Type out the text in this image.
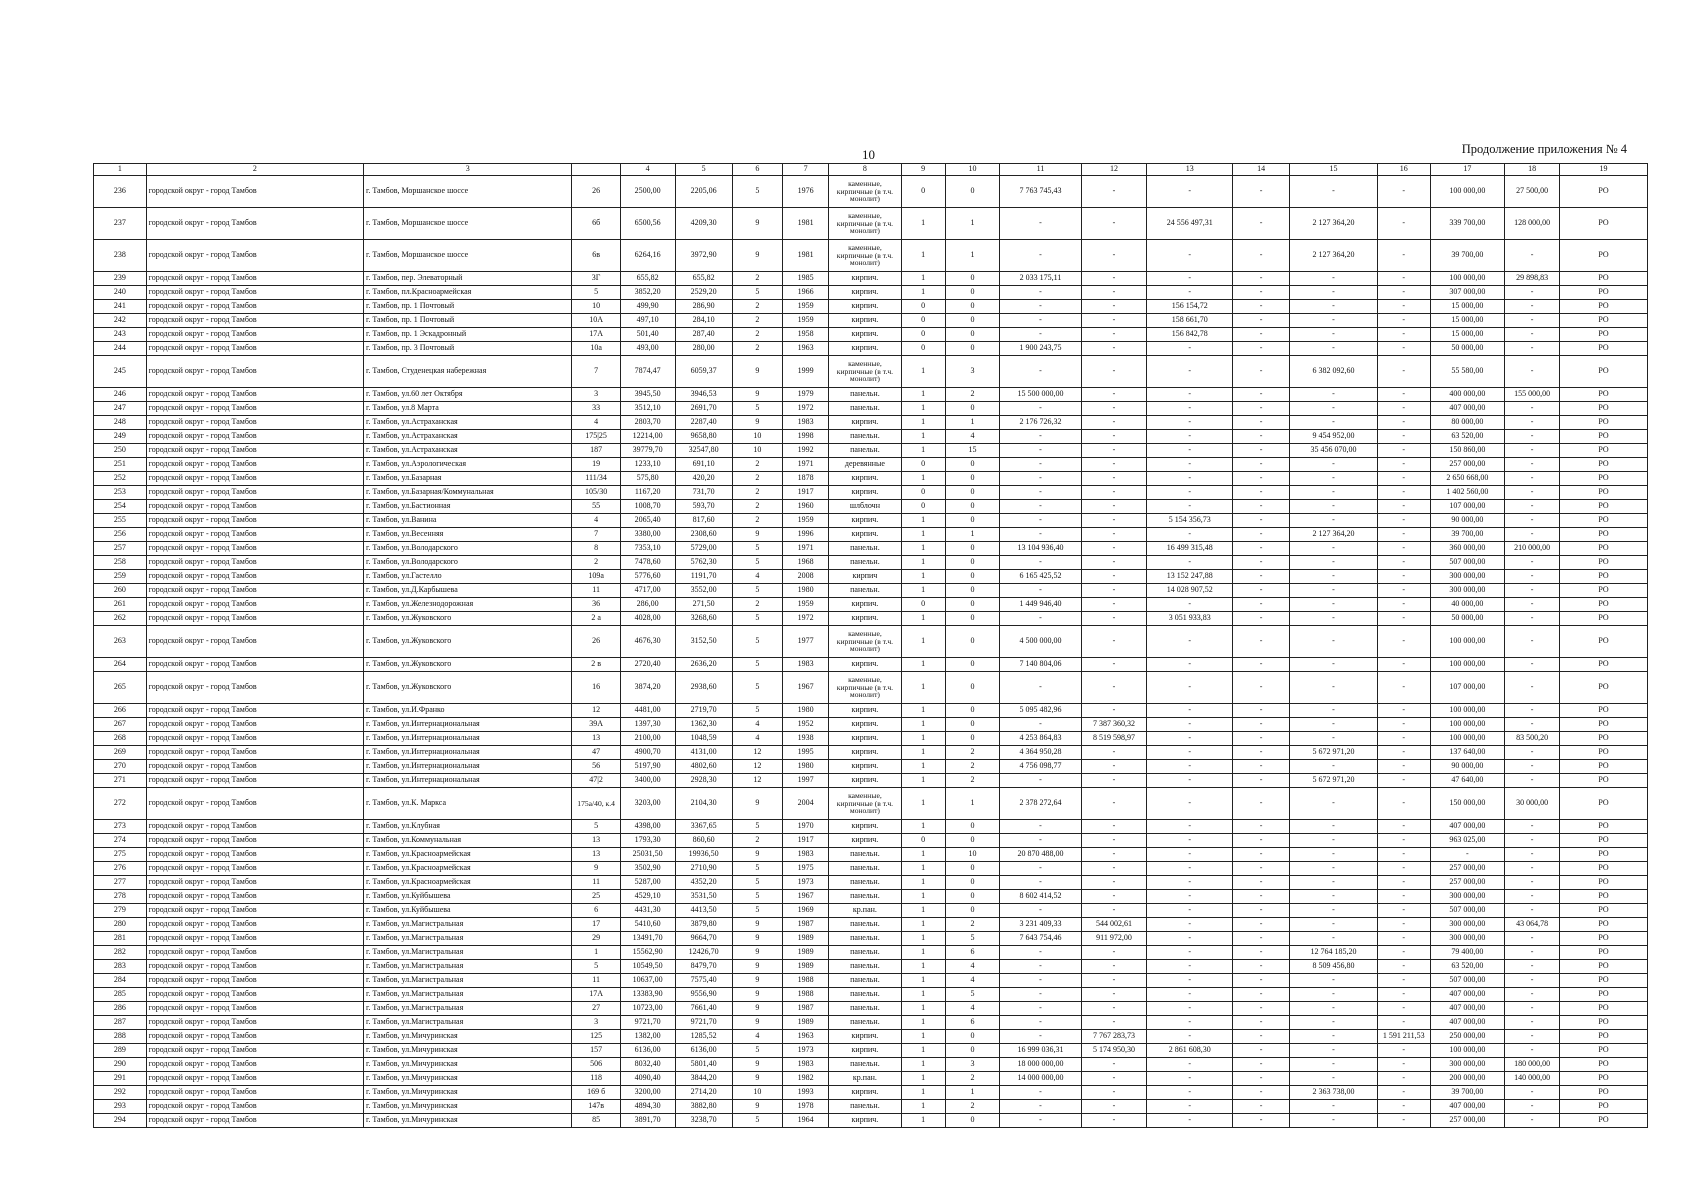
10	Продолжение приложения № 4
1	2	3		4	5	6	7	8	9	10	11	12	13	14	15	16	17	18	19
236	городской округ - город Тамбов	г. Тамбов, Моршанское шоссе	26	2500,00	2205,06	5	1976	каменные, кирпичные (в т.ч. монолит)	0	0	7 763 745,43	-	-	-	-	-	100 000,00	27 500,00	РО
237	городской округ - город Тамбов	г. Тамбов, Моршанское шоссе	6б	6500,56	4209,30	9	1981	каменные, кирпичные (в т.ч. монолит)	1	1	-	-	24 556 497,31	-	2 127 364,20	-	339 700,00	128 000,00	РО
238	городской округ - город Тамбов	г. Тамбов, Моршанское шоссе	6в	6264,16	3972,90	9	1981	каменные, кирпичные (в т.ч. монолит)	1	1	-	-	-	-	2 127 364,20	-	39 700,00	-	РО
239	городской округ - город Тамбов	г. Тамбов, пер. Элеваторный	3Г	655,82	655,82	2	1985	кирпич.	1	0	2 033 175,11	-	-	-	-	-	100 000,00	29 898,83	РО
240	городской округ - город Тамбов	г. Тамбов, пл.Красноармейская	5	3852,20	2529,20	5	1966	кирпич.	1	0	-	-	-	-	-	-	307 000,00	-	РО
241	городской округ - город Тамбов	г. Тамбов, пр. 1 Почтовый	10	499,90	286,90	2	1959	кирпич.	0	0	-	-	156 154,72	-	-	-	15 000,00	-	РО
242	городской округ - город Тамбов	г. Тамбов, пр. 1 Почтовый	10А	497,10	284,10	2	1959	кирпич.	0	0	-	-	158 661,70	-	-	-	15 000,00	-	РО
243	городской округ - город Тамбов	г. Тамбов, пр. 1 Эскадронный	17А	501,40	287,40	2	1958	кирпич.	0	0	-	-	156 842,78	-	-	-	15 000,00	-	РО
244	городской округ - город Тамбов	г. Тамбов, пр. 3 Почтовый	10а	493,00	280,00	2	1963	кирпич.	0	0	1 900 243,75	-	-	-	-	-	50 000,00	-	РО
245	городской округ - город Тамбов	г. Тамбов, Студенецкая набережная	7	7874,47	6059,37	9	1999	каменные, кирпичные (в т.ч. монолит)	1	3	-	-	-	-	6 382 092,60	-	55 580,00	-	РО
246	городской округ - город Тамбов	г. Тамбов, ул.60 лет Октября	3	3945,50	3946,53	9	1979	панельн.	1	2	15 500 000,00	-	-	-	-	-	400 000,00	155 000,00	РО
247	городской округ - город Тамбов	г. Тамбов, ул.8 Марта	33	3512,10	2691,70	5	1972	панельн.	1	0	-	-	-	-	-	-	407 000,00	-	РО
248	городской округ - город Тамбов	г. Тамбов, ул.Астраханская	4	2803,70	2287,40	9	1983	кирпич.	1	1	2 176 726,32	-	-	-	-	-	80 000,00	-	РО
249	городской округ - город Тамбов	г. Тамбов, ул.Астраханская	175|25	12214,00	9658,80	10	1998	панельн.	1	4	-	-	-	-	9 454 952,00	-	63 520,00	-	РО
250	городской округ - город Тамбов	г. Тамбов, ул.Астраханская	187	39779,70	32547,80	10	1992	панельн.	1	15	-	-	-	-	35 456 070,00	-	150 860,00	-	РО
251	городской округ - город Тамбов	г. Тамбов, ул.Аэрологическая	19	1233,10	691,10	2	1971	деревянные	0	0	-	-	-	-	-	-	257 000,00	-	РО
252	городской округ - город Тамбов	г. Тамбов, ул.Базарная	111/34	575,80	420,20	2	1878	кирпич.	1	0	-	-	-	-	-	-	2 650 668,00	-	РО
253	городской округ - город Тамбов	г. Тамбов, ул.Базарная/Коммунальная	105/30	1167,20	731,70	2	1917	кирпич.	0	0	-	-	-	-	-	-	1 402 560,00	-	РО
254	городской округ - город Тамбов	г. Тамбов, ул.Бастионная	55	1008,70	593,70	2	1960	шлблочн	0	0	-	-	-	-	-	-	107 000,00	-	РО
255	городской округ - город Тамбов	г. Тамбов, ул.Ванина	4	2065,40	817,60	2	1959	кирпич.	1	0	-	-	5 154 356,73	-	-	-	90 000,00	-	РО
256	городской округ - город Тамбов	г. Тамбов, ул.Весенняя	7	3380,00	2308,60	9	1996	кирпич.	1	1	-	-	-	-	2 127 364,20	-	39 700,00	-	РО
257	городской округ - город Тамбов	г. Тамбов, ул.Володарского	8	7353,10	5729,00	5	1971	панельн.	1	0	13 104 936,40	-	16 499 315,48	-	-	-	360 000,00	210 000,00	РО
258	городской округ - город Тамбов	г. Тамбов, ул.Володарского	2	7478,60	5762,30	5	1968	панельн.	1	0	-	-	-	-	-	-	507 000,00	-	РО
259	городской округ - город Тамбов	г. Тамбов, ул.Гастелло	109а	5776,60	1191,70	4	2008	кирпич	1	0	6 165 425,52	-	13 152 247,88	-	-	-	300 000,00	-	РО
260	городской округ - город Тамбов	г. Тамбов, ул.Д.Карбышева	11	4717,00	3552,00	5	1980	панельн.	1	0	-	-	14 028 907,52	-	-	-	300 000,00	-	РО
261	городской округ - город Тамбов	г. Тамбов, ул.Железнодорожная	36	286,00	271,50	2	1959	кирпич.	0	0	1 449 946,40	-	-	-	-	-	40 000,00	-	РО
262	городской округ - город Тамбов	г. Тамбов, ул.Жуковского	2 а	4028,00	3268,60	5	1972	кирпич.	1	0	-	-	3 051 933,83	-	-	-	50 000,00	-	РО
263	городской округ - город Тамбов	г. Тамбов, ул.Жуковского	26	4676,30	3152,50	5	1977	каменные, кирпичные (в т.ч. монолит)	1	0	4 500 000,00	-	-	-	-	-	100 000,00	-	РО
264	городской округ - город Тамбов	г. Тамбов, ул.Жуковского	2 в	2720,40	2636,20	5	1983	кирпич.	1	0	7 140 804,06	-	-	-	-	-	100 000,00	-	РО
265	городской округ - город Тамбов	г. Тамбов, ул.Жуковского	16	3874,20	2938,60	5	1967	каменные, кирпичные (в т.ч. монолит)	1	0	-	-	-	-	-	-	107 000,00	-	РО
266	городской округ - город Тамбов	г. Тамбов, ул.И.Франко	12	4481,00	2719,70	5	1980	кирпич.	1	0	5 095 482,96	-	-	-	-	-	100 000,00	-	РО
267	городской округ - город Тамбов	г. Тамбов, ул.Интернациональная	39А	1397,30	1362,30	4	1952	кирпич.	1	0	-	7 387 360,32	-	-	-	-	100 000,00	-	РО
268	городской округ - город Тамбов	г. Тамбов, ул.Интернациональная	13	2100,00	1048,59	4	1938	кирпич.	1	0	4 253 864,83	8 519 598,97	-	-	-	-	100 000,00	83 500,20	РО
269	городской округ - город Тамбов	г. Тамбов, ул.Интернациональная	47	4900,70	4131,00	12	1995	кирпич.	1	2	4 364 950,28	-	-	-	5 672 971,20	-	137 640,00	-	РО
270	городской округ - город Тамбов	г. Тамбов, ул.Интернациональная	56	5197,90	4802,60	12	1980	кирпич.	1	2	4 756 098,77	-	-	-	-	-	90 000,00	-	РО
271	городской округ - город Тамбов	г. Тамбов, ул.Интернациональная	47|2	3400,00	2928,30	12	1997	кирпич.	1	2	-	-	-	-	5 672 971,20	-	47 640,00	-	РО
272	городской округ - город Тамбов	г. Тамбов, ул.К. Маркса	175а/40, к.4	3203,00	2104,30	9	2004	каменные, кирпичные (в т.ч. монолит)	1	1	2 378 272,64	-	-	-	-	-	150 000,00	30 000,00	РО
273	городской округ - город Тамбов	г. Тамбов, ул.Клубная	5	4398,00	3367,65	5	1970	кирпич.	1	0	-	-	-	-	-	-	407 000,00	-	РО
274	городской округ - город Тамбов	г. Тамбов, ул.Коммунальная	13	1793,30	860,60	2	1917	кирпич.	0	0	-	-	-	-	-	-	963 025,00	-	РО
275	городской округ - город Тамбов	г. Тамбов, ул.Красноармейская	13	25031,50	19936,50	9	1983	панельн.	1	10	20 870 488,00	-	-	-	-	-	-	-	РО
276	городской округ - город Тамбов	г. Тамбов, ул.Красноармейская	9	3502,90	2710,90	5	1975	панельн.	1	0	-	-	-	-	-	-	257 000,00	-	РО
277	городской округ - город Тамбов	г. Тамбов, ул.Красноармейская	11	5287,00	4352,20	5	1973	панельн.	1	0	-	-	-	-	-	-	257 000,00	-	РО
278	городской округ - город Тамбов	г. Тамбов, ул.Куйбышева	25	4529,10	3531,50	5	1967	панельн.	1	0	8 602 414,52	-	-	-	-	-	300 000,00	-	РО
279	городской округ - город Тамбов	г. Тамбов, ул.Куйбышева	6	4431,30	4413,50	5	1969	кр.пан.	1	0	-	-	-	-	-	-	507 000,00	-	РО
280	городской округ - город Тамбов	г. Тамбов, ул.Магистральная	17	5410,60	3879,80	9	1987	панельн.	1	2	3 231 409,33	544 002,61	-	-	-	-	300 000,00	43 064,78	РО
281	городской округ - город Тамбов	г. Тамбов, ул.Магистральная	29	13491,70	9664,70	9	1989	панельн.	1	5	7 643 754,46	911 972,00	-	-	-	-	300 000,00	-	РО
282	городской округ - город Тамбов	г. Тамбов, ул.Магистральная	1	15562,90	12426,70	9	1989	панельн.	1	6	-	-	-	-	12 764 185,20	-	79 400,00	-	РО
283	городской округ - город Тамбов	г. Тамбов, ул.Магистральная	5	10549,50	8479,70	9	1989	панельн.	1	4	-	-	-	-	8 509 456,80	-	63 520,00	-	РО
284	городской округ - город Тамбов	г. Тамбов, ул.Магистральная	11	10637,00	7575,40	9	1988	панельн.	1	4	-	-	-	-	-	-	507 000,00	-	РО
285	городской округ - город Тамбов	г. Тамбов, ул.Магистральная	17А	13383,90	9556,90	9	1988	панельн.	1	5	-	-	-	-	-	-	407 000,00	-	РО
286	городской округ - город Тамбов	г. Тамбов, ул.Магистральная	27	10723,00	7661,40	9	1987	панельн.	1	4	-	-	-	-	-	-	407 000,00	-	РО
287	городской округ - город Тамбов	г. Тамбов, ул.Магистральная	3	9721,70	9721,70	9	1989	панельн.	1	6	-	-	-	-	-	-	407 000,00	-	РО
288	городской округ - город Тамбов	г. Тамбов, ул.Мичуринская	125	1382,00	1285,52	4	1963	кирпич.	1	0	-	7 767 283,73	-	-	-	1 591 211,53	250 000,00	-	РО
289	городской округ - город Тамбов	г. Тамбов, ул.Мичуринская	157	6136,00	6136,00	5	1973	кирпич.	1	0	16 999 036,31	5 174 950,30	2 861 608,30	-	-	-	100 000,00	-	РО
290	городской округ - город Тамбов	г. Тамбов, ул.Мичуринская	506	8032,40	5801,40	9	1983	панельн.	1	3	18 000 000,00	-	-	-	-	-	300 000,00	180 000,00	РО
291	городской округ - город Тамбов	г. Тамбов, ул.Мичуринская	118	4090,40	3844,20	9	1982	кр.пан.	1	2	14 000 000,00	-	-	-	-	-	200 000,00	140 000,00	РО
292	городской округ - город Тамбов	г. Тамбов, ул.Мичуринская	169 б	3200,00	2714,20	10	1993	кирпич.	1	1	-	-	-	-	2 363 738,00	-	39 700,00	-	РО
293	городской округ - город Тамбов	г. Тамбов, ул.Мичуринская	147в	4894,30	3882,80	9	1978	панельн.	1	2	-	-	-	-	-	-	407 000,00	-	РО
294	городской округ - город Тамбов	г. Тамбов, ул.Мичуринская	85	3891,70	3238,70	5	1964	кирпич.	1	0	-	-	-	-	-	-	257 000,00	-	РО
